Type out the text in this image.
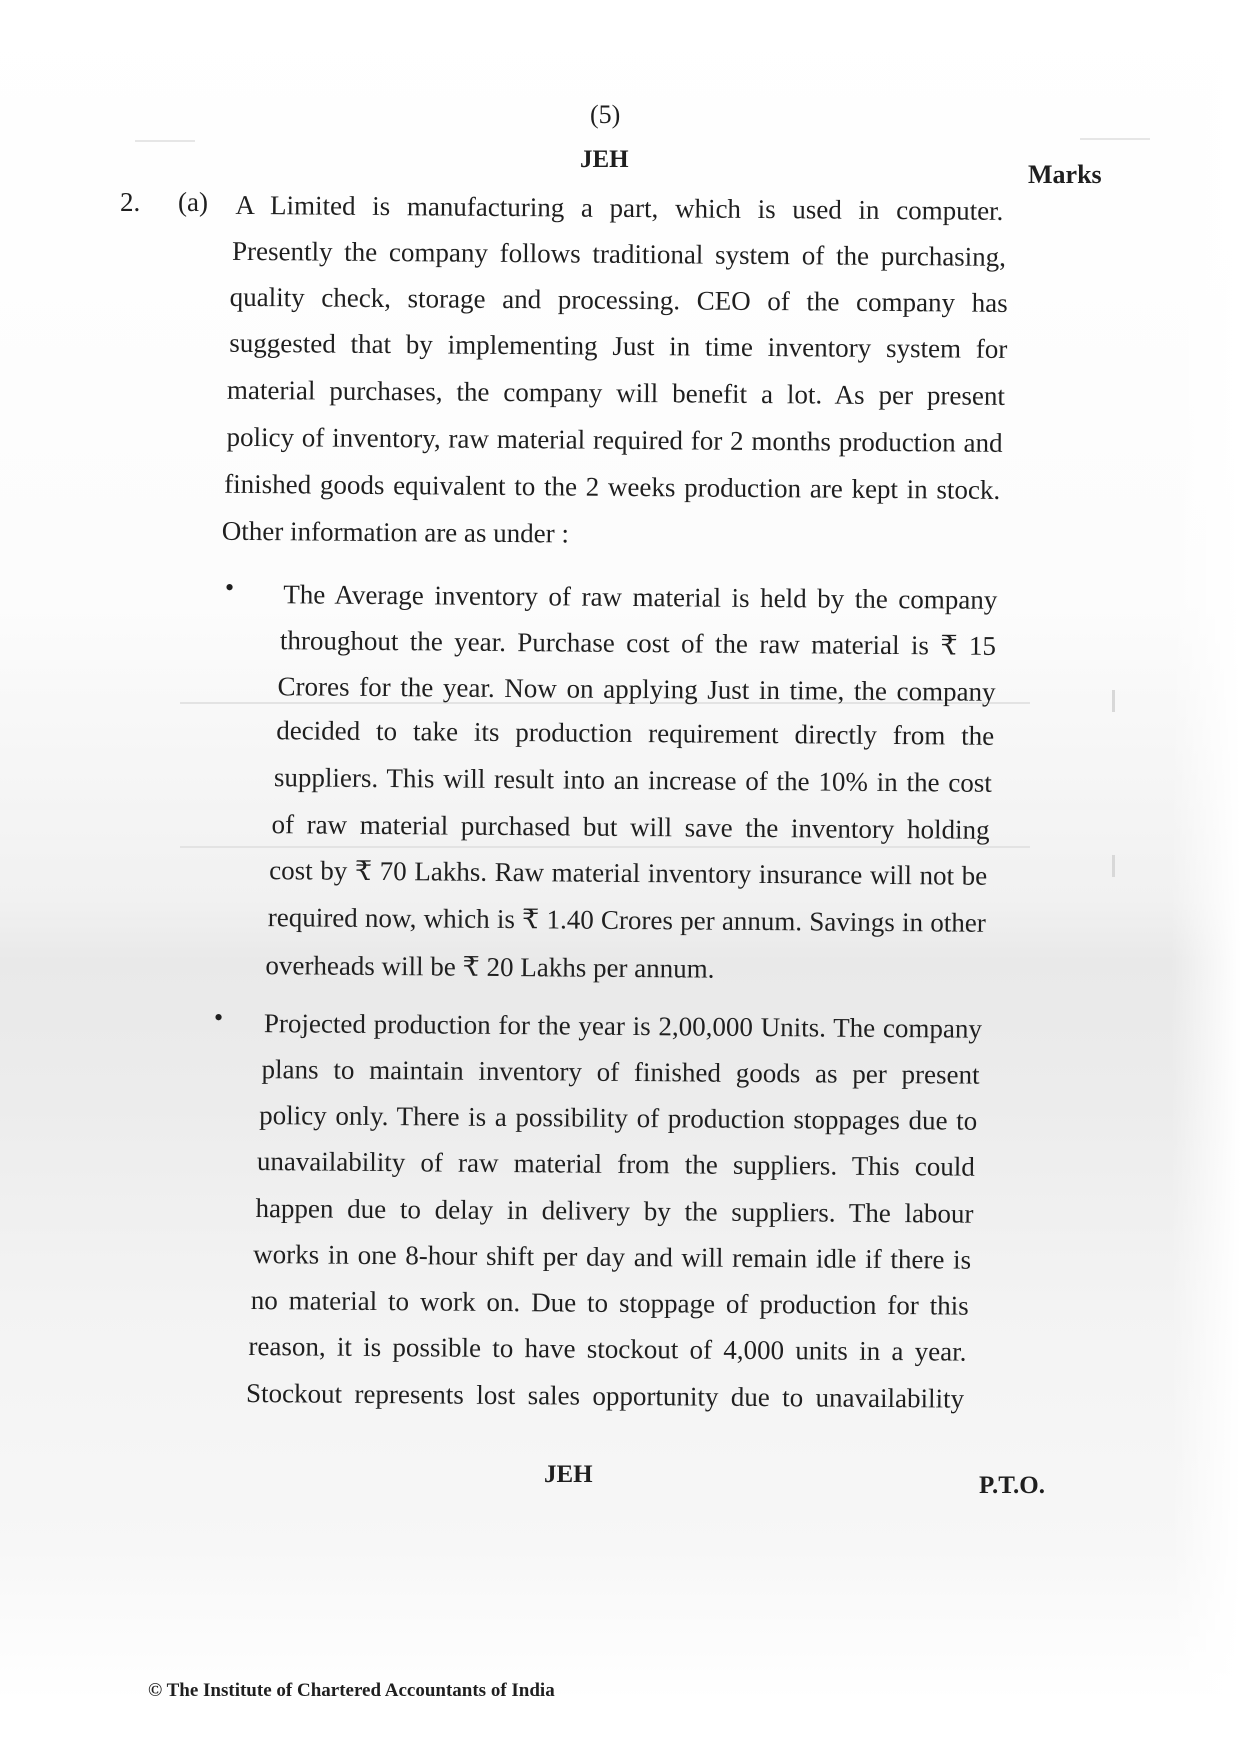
(5)
JEH
Marks
2. (a) A Limited is manufacturing a part, which is used in computer.
Presently the company follows traditional system of the purchasing,
quality check, storage and processing. CEO of the company has
suggested that by implementing Just in time inventory system for
material purchases, the company will benefit a lot. As per present
policy of inventory, raw material required for 2 months production and
finished goods equivalent to the 2 weeks production are kept in stock.
Other information are as under :
• The Average inventory of raw material is held by the company
throughout the year. Purchase cost of the raw material is ₹ 15
Crores for the year. Now on applying Just in time, the company
decided to take its production requirement directly from the
suppliers. This will result into an increase of the 10% in the cost
of raw material purchased but will save the inventory holding
cost by ₹ 70 Lakhs. Raw material inventory insurance will not be
required now, which is ₹ 1.40 Crores per annum. Savings in other
overheads will be ₹ 20 Lakhs per annum.
• Projected production for the year is 2,00,000 Units. The company
plans to maintain inventory of finished goods as per present
policy only. There is a possibility of production stoppages due to
unavailability of raw material from the suppliers. This could
happen due to delay in delivery by the suppliers. The labour
works in one 8-hour shift per day and will remain idle if there is
no material to work on. Due to stoppage of production for this
reason, it is possible to have stockout of 4,000 units in a year.
Stockout represents lost sales opportunity due to unavailability
JEH	P.T.O.
© The Institute of Chartered Accountants of India
